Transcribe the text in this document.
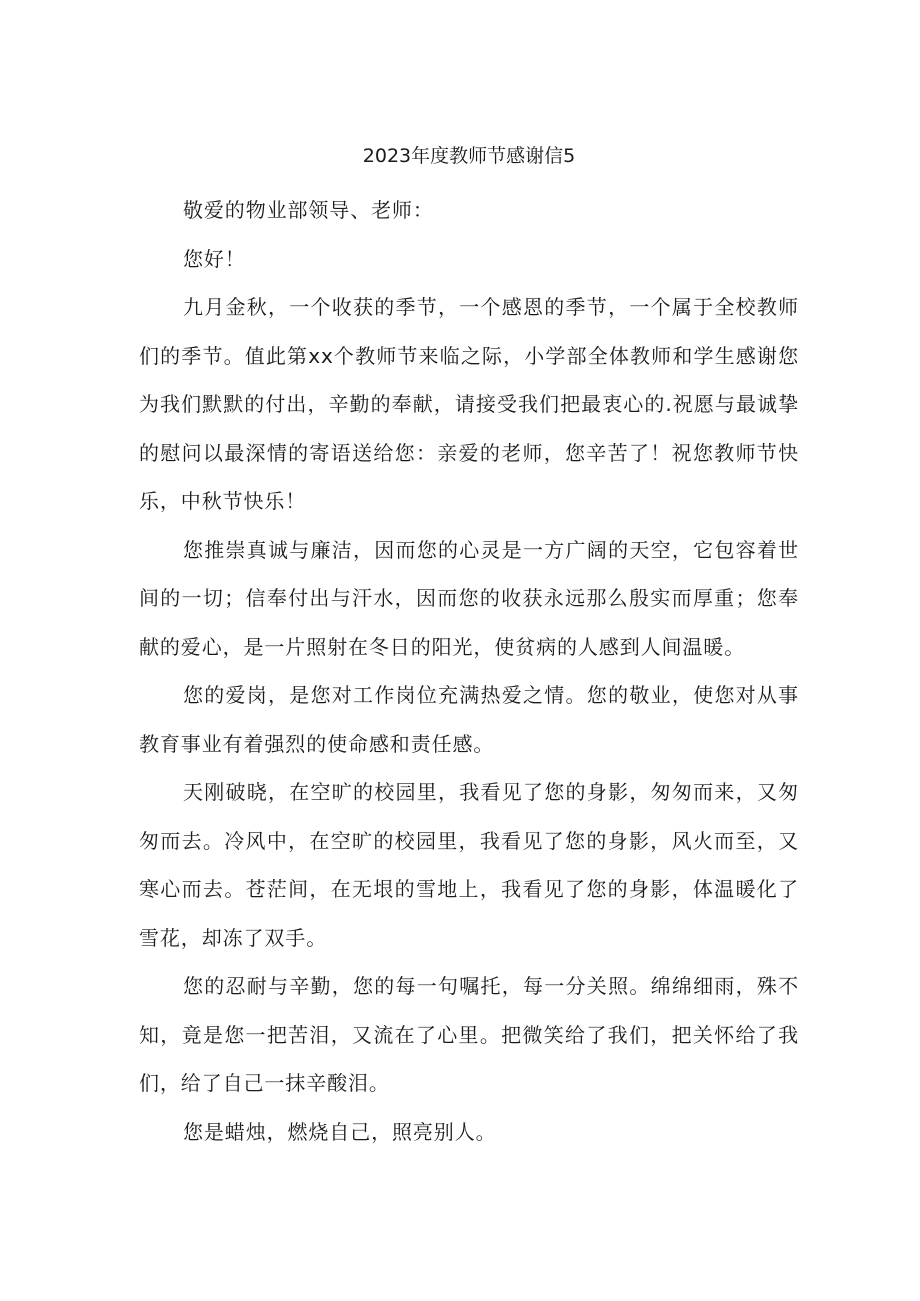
2023年度教师节感谢信5

敬爱的物业部领导、老师：

您好！

九月金秋，一个收获的季节，一个感恩的季节，一个属于全校教师们的季节。值此第xx个教师节来临之际，小学部全体教师和学生感谢您为我们默默的付出，辛勤的奉献，请接受我们把最衷心的.祝愿与最诚挚的慰问以最深情的寄语送给您：亲爱的老师，您辛苦了！祝您教师节快乐，中秋节快乐！

您推崇真诚与廉洁，因而您的心灵是一方广阔的天空，它包容着世间的一切；信奉付出与汗水，因而您的收获永远那么殷实而厚重；您奉献的爱心，是一片照射在冬日的阳光，使贫病的人感到人间温暖。

您的爱岗，是您对工作岗位充满热爱之情。您的敬业，使您对从事教育事业有着强烈的使命感和责任感。

天刚破晓，在空旷的校园里，我看见了您的身影，匆匆而来，又匆匆而去。冷风中，在空旷的校园里，我看见了您的身影，风火而至，又寒心而去。苍茫间，在无垠的雪地上，我看见了您的身影，体温暖化了雪花，却冻了双手。

您的忍耐与辛勤，您的每一句嘱托，每一分关照。绵绵细雨，殊不知，竟是您一把苦泪，又流在了心里。把微笑给了我们，把关怀给了我们，给了自己一抹辛酸泪。

您是蜡烛，燃烧自己，照亮别人。
